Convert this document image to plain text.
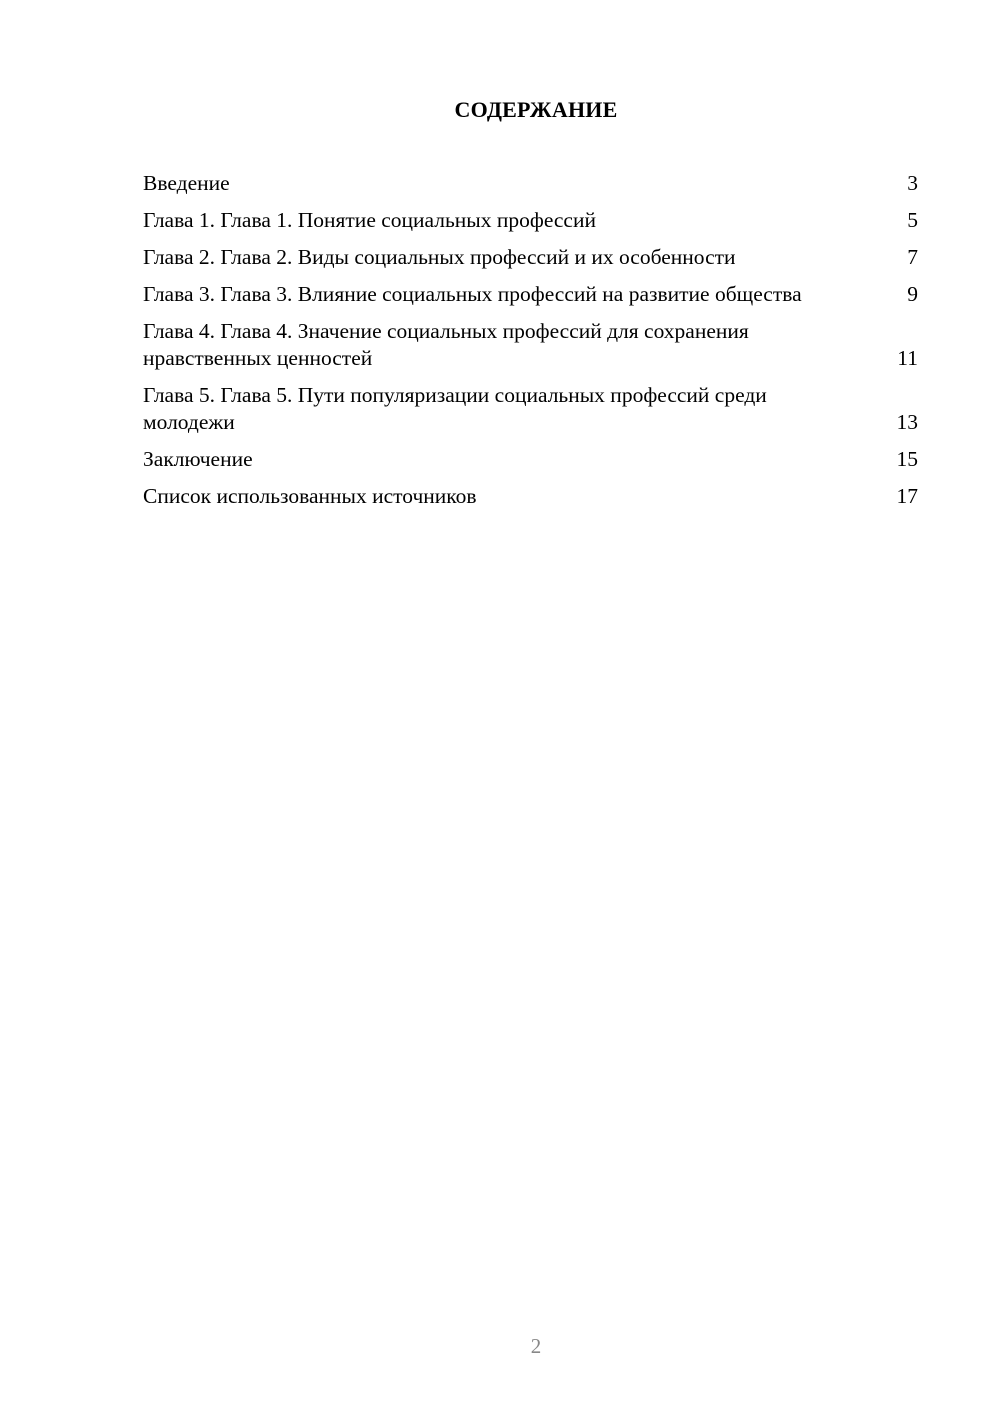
СОДЕРЖАНИЕ
Введение	3
Глава 1. Глава 1. Понятие социальных профессий	5
Глава 2. Глава 2. Виды социальных профессий и их особенности	7
Глава 3. Глава 3. Влияние социальных профессий на развитие общества	9
Глава 4. Глава 4. Значение социальных профессий для сохранения нравственных ценностей	11
Глава 5. Глава 5. Пути популяризации социальных профессий среди молодежи	13
Заключение	15
Список использованных источников	17
2
